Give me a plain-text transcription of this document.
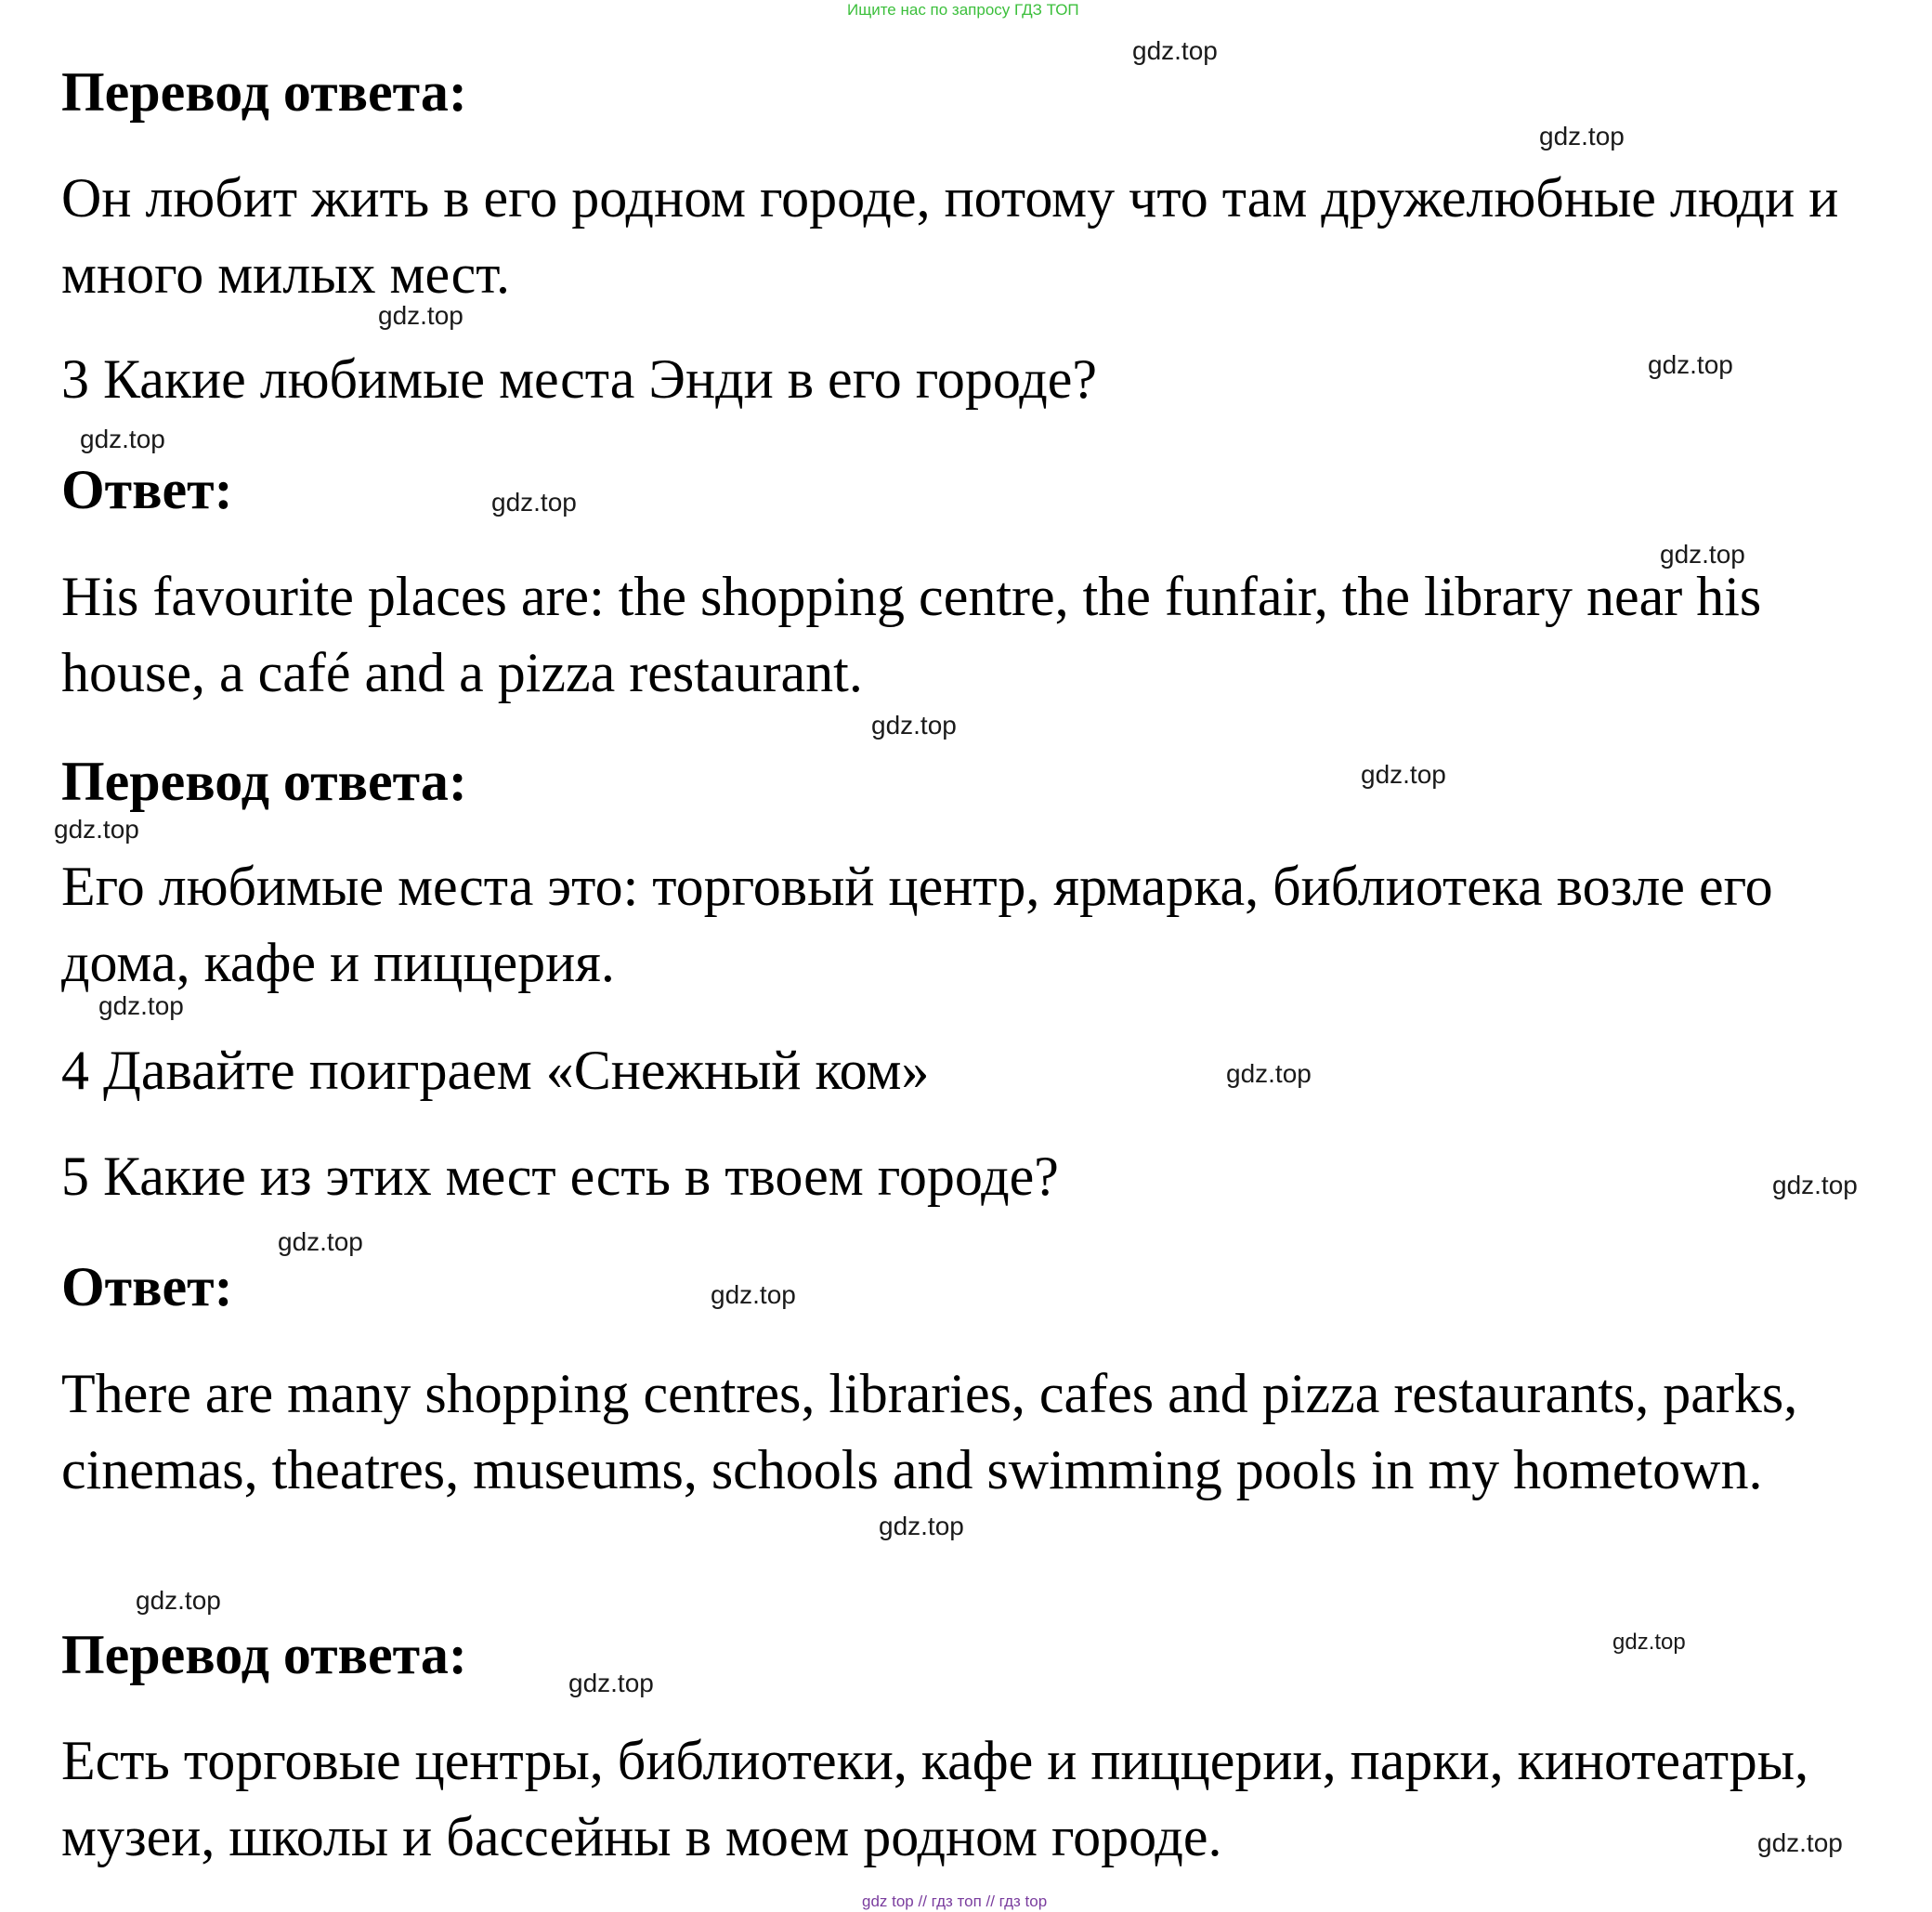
Ищите нас по запросу ГДЗ ТОП
Перевод ответа:
Он любит жить в его родном городе, потому что там дружелюбные люди и много милых мест.
3 Какие любимые места Энди в его городе?
Ответ:
His favourite places are: the shopping centre, the funfair, the library near his house, a café and a pizza restaurant.
Перевод ответа:
Его любимые места это: торговый центр, ярмарка, библиотека возле его дома, кафе и пиццерия.
4 Давайте поиграем «Снежный ком»
5 Какие из этих мест есть в твоем городе?
Ответ:
There are many shopping centres, libraries, cafes and pizza restaurants, parks, cinemas, theatres, museums, schools and swimming pools in my hometown.
Перевод ответа:
Есть торговые центры, библиотеки, кафе и пиццерии, парки, кинотеатры, музеи, школы и бассейны в моем родном городе.
gdz.top
gdz.top
gdz.top
gdz.top
gdz.top
gdz.top
gdz.top
gdz.top
gdz.top
gdz.top
gdz.top
gdz.top
gdz.top
gdz.top
gdz.top
gdz.top
gdz.top
gdz.top
gdz.top
gdz.top
gdz top // гдз топ // гдз top
